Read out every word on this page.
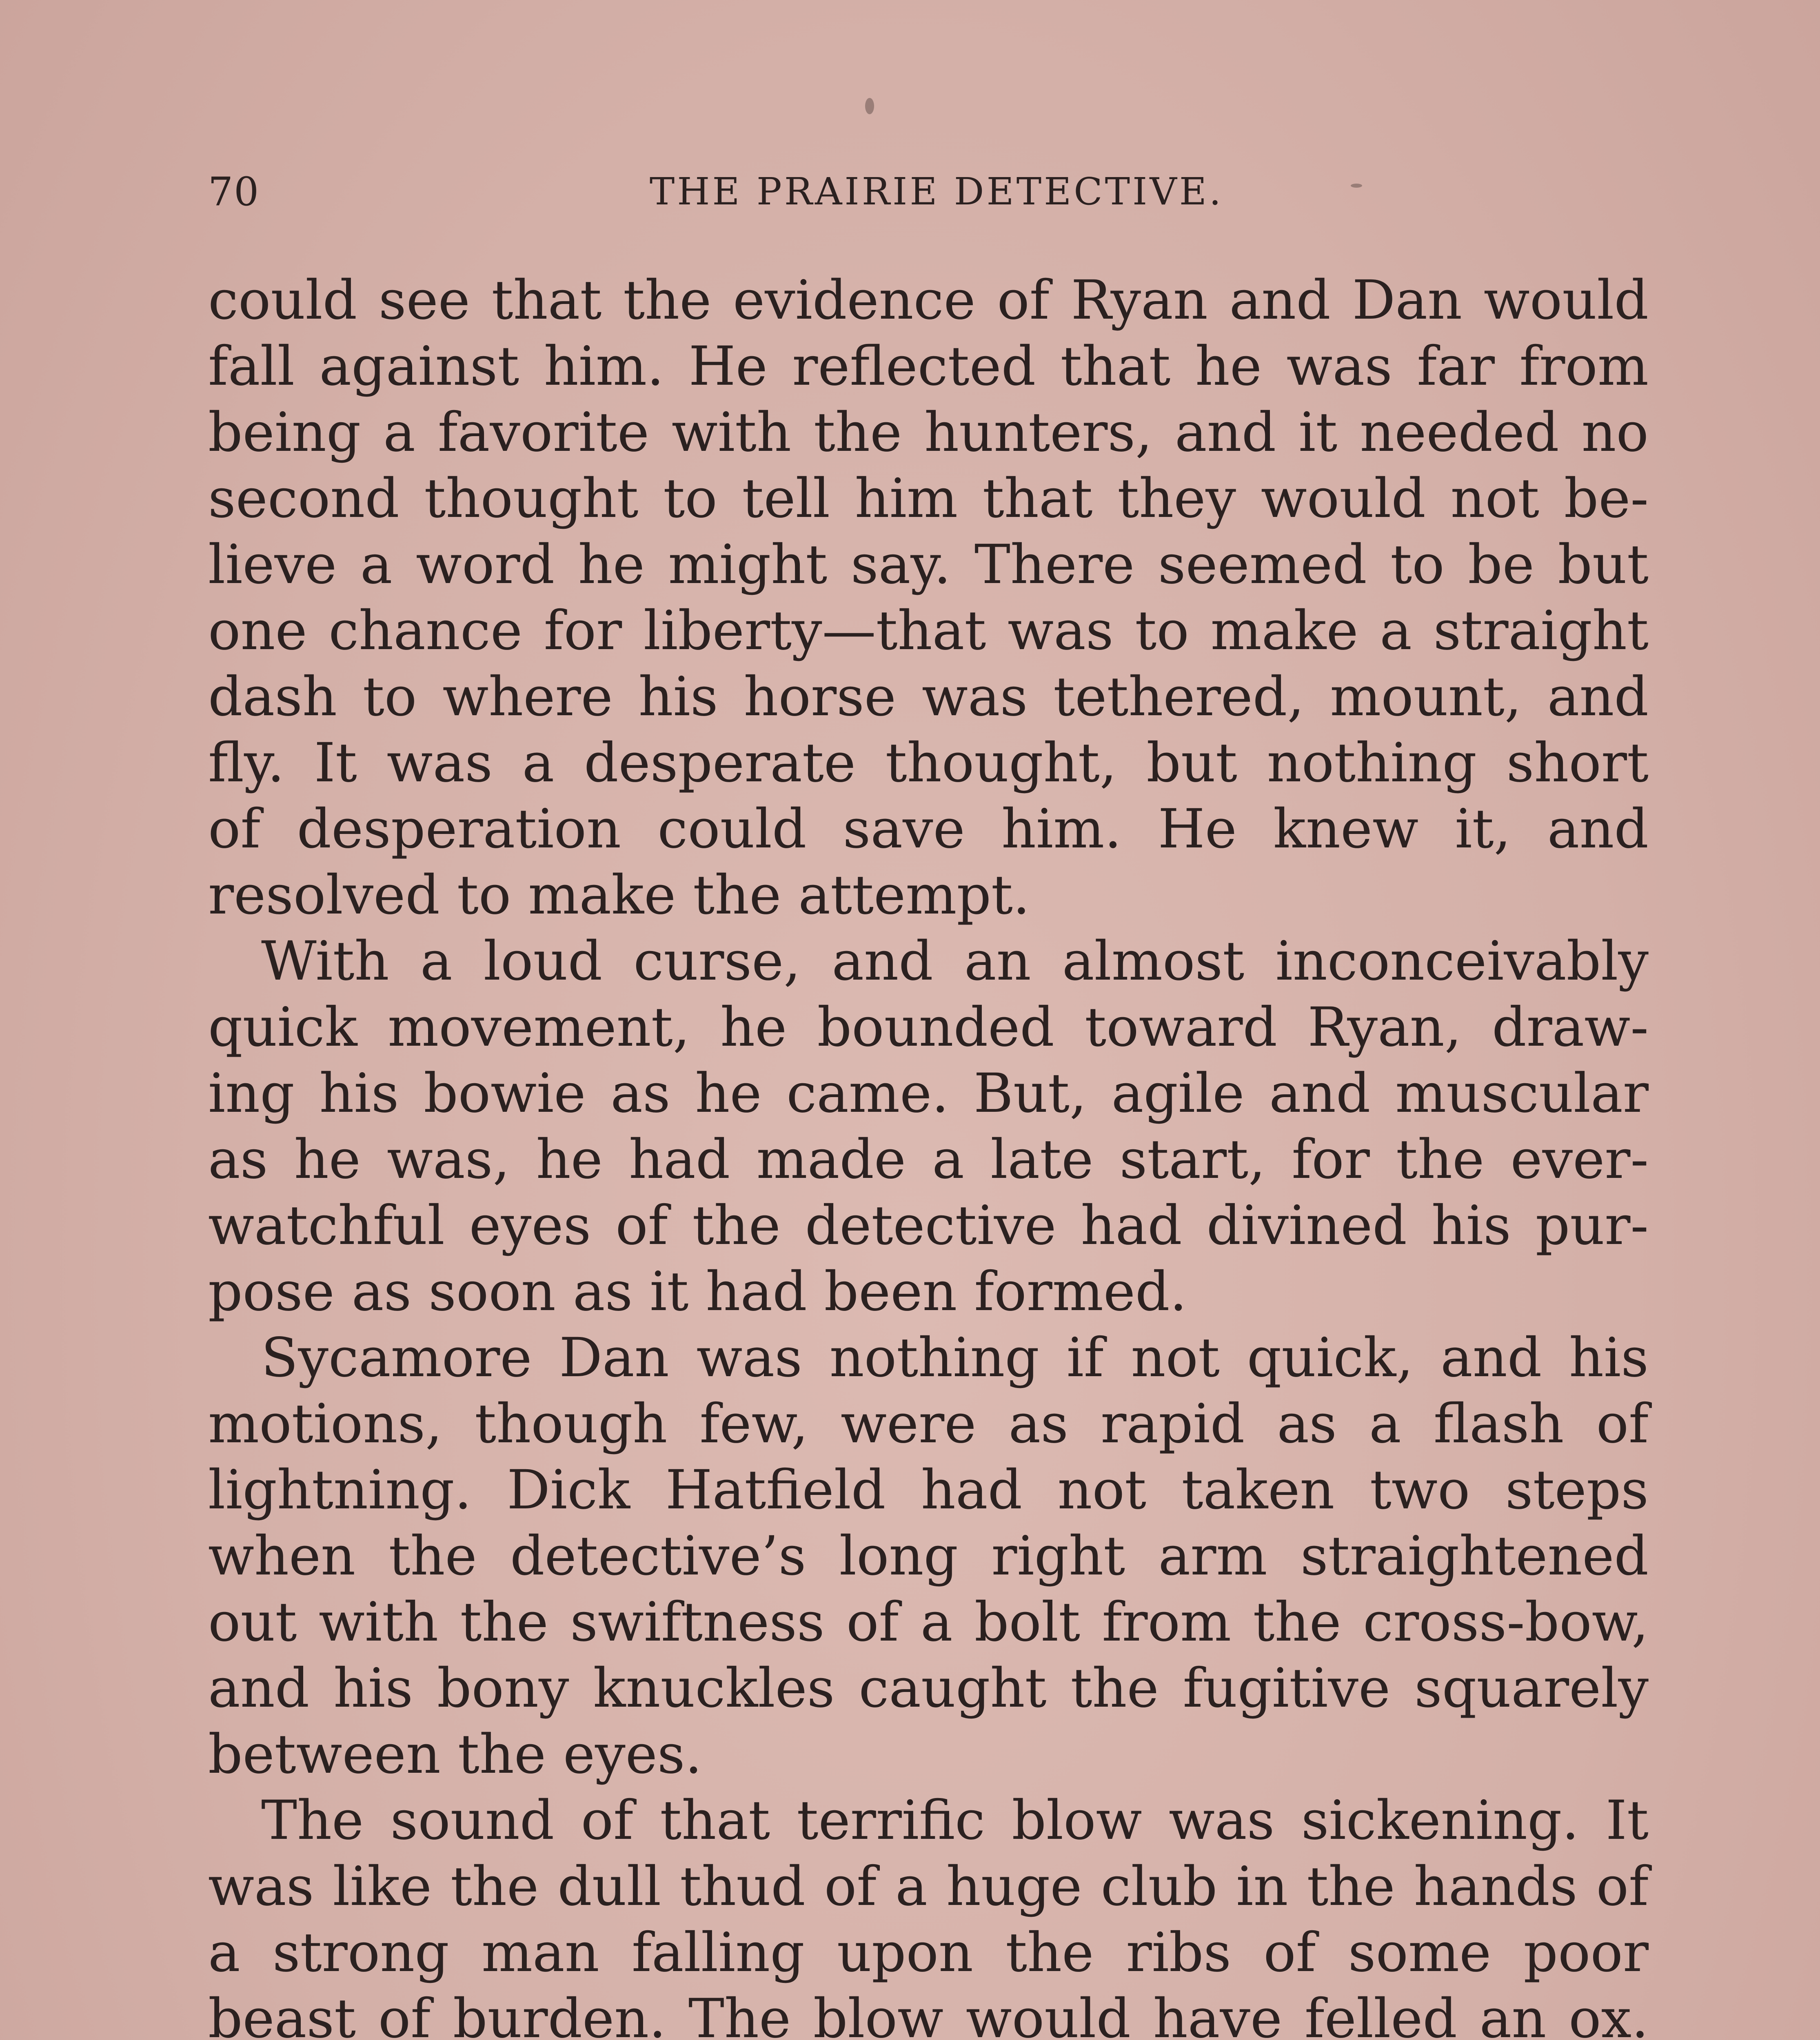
70	THE PRAIRIE DETECTIVE.
could see that the evidence of Ryan and Dan would
fall against him. He reflected that he was far from
being a favorite with the hunters, and it needed no
second thought to tell him that they would not be-
lieve a word he might say. There seemed to be but
one chance for liberty—that was to make a straight
dash to where his horse was tethered, mount, and
fly. It was a desperate thought, but nothing short
of desperation could save him. He knew it, and
resolved to make the attempt.
With a loud curse, and an almost inconceivably
quick movement, he bounded toward Ryan, draw-
ing his bowie as he came. But, agile and muscular
as he was, he had made a late start, for the ever-
watchful eyes of the detective had divined his pur-
pose as soon as it had been formed.
Sycamore Dan was nothing if not quick, and his
motions, though few, were as rapid as a flash of
lightning. Dick Hatfield had not taken two steps
when the detective’s long right arm straightened
out with the swiftness of a bolt from the cross-bow,
and his bony knuckles caught the fugitive squarely
between the eyes.
The sound of that terrific blow was sickening. It
was like the dull thud of a huge club in the hands of
a strong man falling upon the ribs of some poor
beast of burden. The blow would have felled an ox.
